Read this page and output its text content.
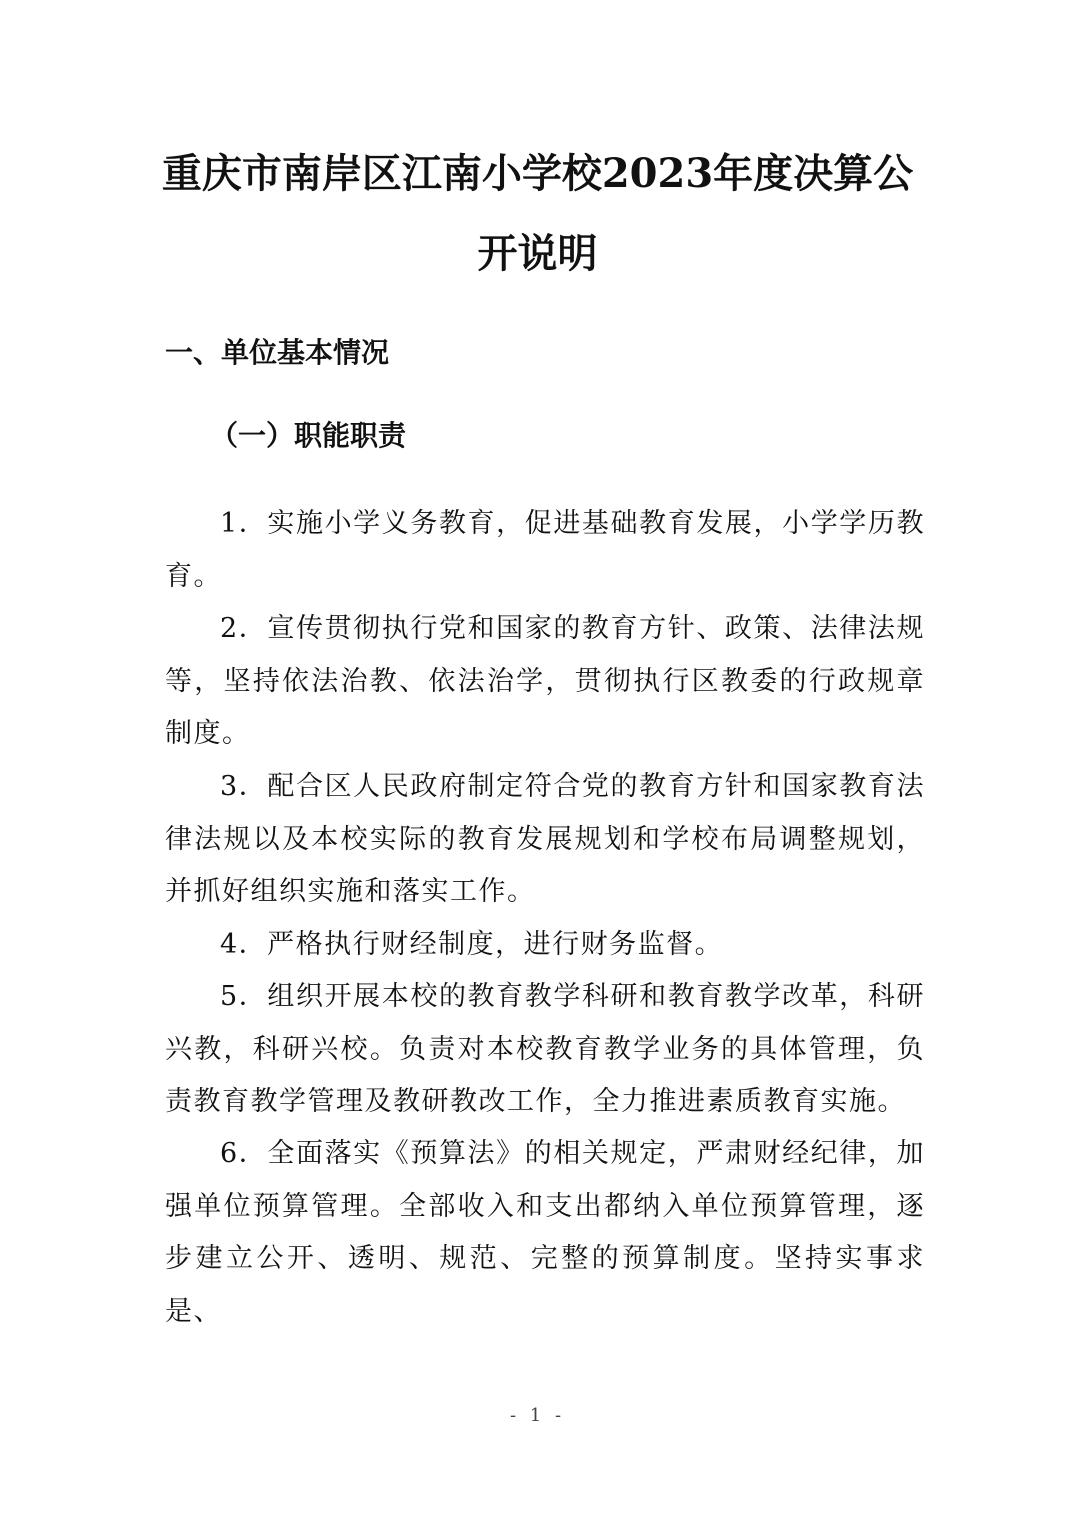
重庆市南岸区江南小学校2023年度决算公
开说明
一、单位基本情况
（一）职能职责

1．实施小学义务教育，促进基础教育发展，小学学历教育。

2．宣传贯彻执行党和国家的教育方针、政策、法律法规等，坚持依法治教、依法治学，贯彻执行区教委的行政规章制度。

3．配合区人民政府制定符合党的教育方针和国家教育法律法规以及本校实际的教育发展规划和学校布局调整规划，并抓好组织实施和落实工作。

4．严格执行财经制度，进行财务监督。

5．组织开展本校的教育教学科研和教育教学改革，科研兴教，科研兴校。负责对本校教育教学业务的具体管理，负责教育教学管理及教研教改工作，全力推进素质教育实施。

6．全面落实《预算法》的相关规定，严肃财经纪律，加强单位预算管理。全部收入和支出都纳入单位预算管理，逐步建立公开、透明、规范、完整的预算制度。坚持实事求是、

- 1 -
